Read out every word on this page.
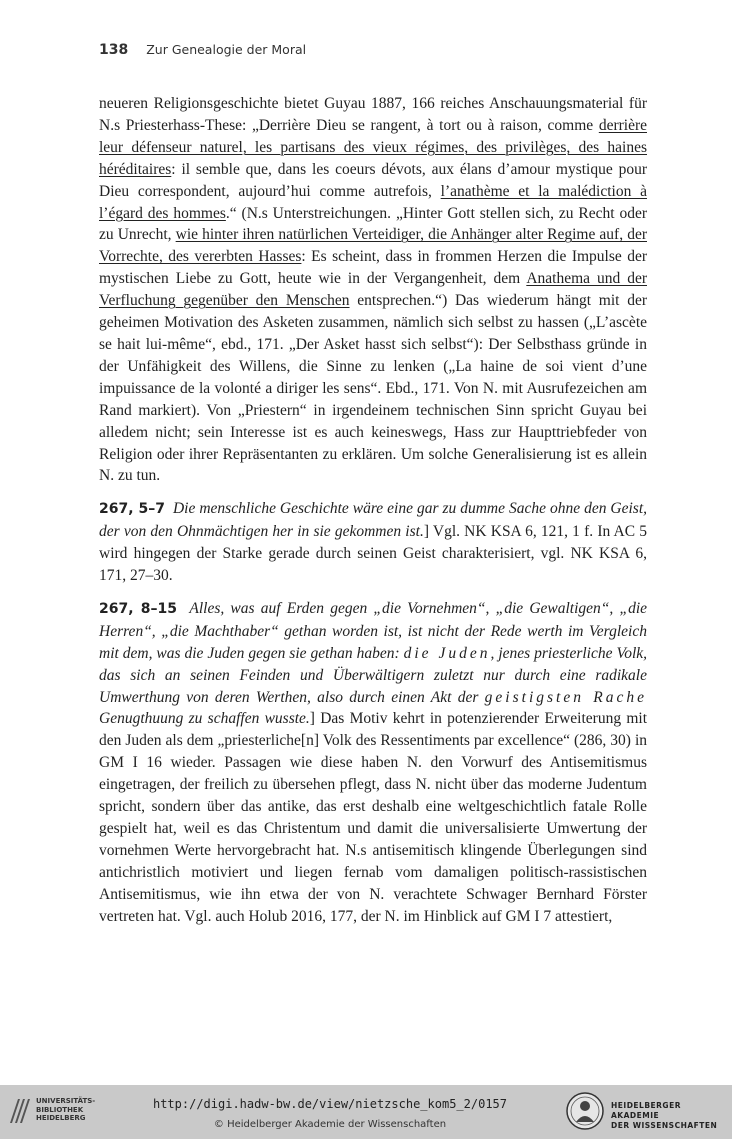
138 Zur Genealogie der Moral

neueren Religionsgeschichte bietet Guyau 1887, 166 reiches Anschauungsmaterial für N.s Priesterhass-These: „Derrière Dieu se rangent, à tort ou à raison, comme derrière leur défenseur naturel, les partisans des vieux régimes, des privilèges, des haines héréditaires: il semble que, dans les coeurs dévots, aux élans d’amour mystique pour Dieu correspondent, aujourd’hui comme autrefois, l’anathème et la malédiction à l’égard des hommes.“ (N.s Unterstreichungen. „Hinter Gott stellen sich, zu Recht oder zu Unrecht, wie hinter ihren natürlichen Verteidiger, die Anhänger alter Regime auf, der Vorrechte, des vererbten Hasses: Es scheint, dass in frommen Herzen die Impulse der mystischen Liebe zu Gott, heute wie in der Vergangenheit, dem Anathema und der Verfluchung gegenüber den Menschen entsprechen.“) Das wiederum hängt mit der geheimen Motivation des Asketen zusammen, nämlich sich selbst zu hassen („L’ascète se hait lui-même“, ebd., 171. „Der Asket hasst sich selbst“): Der Selbsthass gründe in der Unfähigkeit des Willens, die Sinne zu lenken („La haine de soi vient d’une impuissance de la volonté a diriger les sens“. Ebd., 171. Von N. mit Ausrufezeichen am Rand markiert). Von „Priestern“ in irgendeinem technischen Sinn spricht Guyau bei alledem nicht; sein Interesse ist es auch keineswegs, Hass zur Haupttriebfeder von Religion oder ihrer Repräsentanten zu erklären. Um solche Generalisierung ist es allein N. zu tun.

267, 5–7 Die menschliche Geschichte wäre eine gar zu dumme Sache ohne den Geist, der von den Ohnmächtigen her in sie gekommen ist.] Vgl. NK KSA 6, 121, 1 f. In AC 5 wird hingegen der Starke gerade durch seinen Geist charakterisiert, vgl. NK KSA 6, 171, 27–30.

267, 8–15 Alles, was auf Erden gegen „die Vornehmen“, „die Gewaltigen“, „die Herren“, „die Machthaber“ gethan worden ist, ist nicht der Rede werth im Vergleich mit dem, was die Juden gegen sie gethan haben: die Juden, jenes priesterliche Volk, das sich an seinen Feinden und Überwältigern zuletzt nur durch eine radikale Umwerthung von deren Werthen, also durch einen Akt der geistigsten Rache Genugthuung zu schaffen wusste.] Das Motiv kehrt in potenzierender Erweiterung mit den Juden als dem „priesterliche[n] Volk des Ressentiments par excellence“ (286, 30) in GM I 16 wieder. Passagen wie diese haben N. den Vorwurf des Antisemitismus eingetragen, der freilich zu übersehen pflegt, dass N. nicht über das moderne Judentum spricht, sondern über das antike, das erst deshalb eine weltgeschichtlich fatale Rolle gespielt hat, weil es das Christentum und damit die universalisierte Umwertung der vornehmen Werte hervorgebracht hat. N.s antisemitisch klingende Überlegungen sind antichristlich motiviert und liegen fernab vom damaligen politisch-rassistischen Antisemitismus, wie ihn etwa der von N. verachtete Schwager Bernhard Förster vertreten hat. Vgl. auch Holub 2016, 177, der N. im Hinblick auf GM I 7 attestiert,

UNIVERSITÄTS-
BIBLIOTHEK
HEIDELBERG
http://digi.hadw-bw.de/view/nietzsche_kom5_2/0157
© Heidelberger Akademie der Wissenschaften
HEIDELBERGER AKADEMIE
DER WISSENSCHAFTEN
